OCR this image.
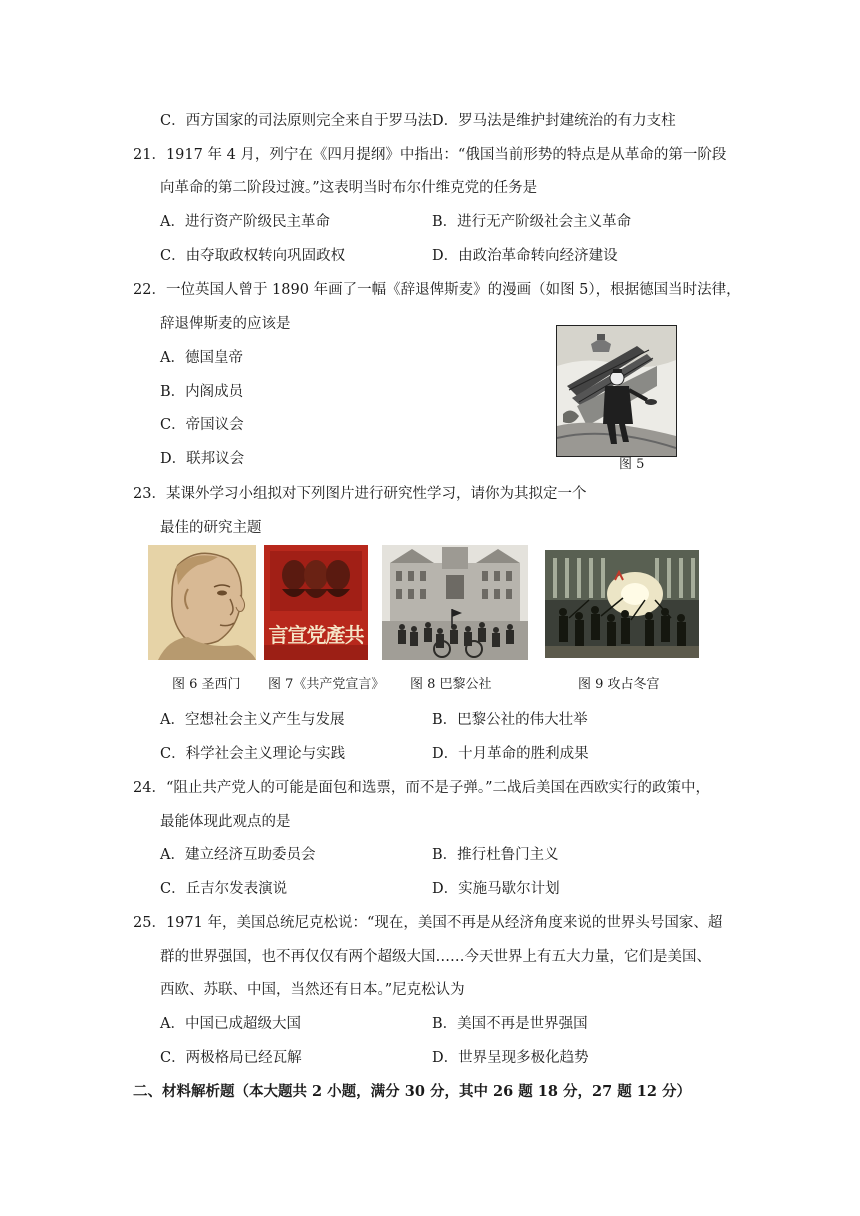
C．西方国家的司法原则完全来自于罗马法 D．罗马法是维护封建统治的有力支柱
21．1917 年 4 月，列宁在《四月提纲》中指出：“俄国当前形势的特点是从革命的第一阶段
向革命的第二阶段过渡。”这表明当时布尔什维克党的任务是
A．进行资产阶级民主革命	B．进行无产阶级社会主义革命
C．由夺取政权转向巩固政权	D．由政治革命转向经济建设
22．一位英国人曾于 1890 年画了一幅《辞退俾斯麦》的漫画（如图 5），根据德国当时法律，
辞退俾斯麦的应该是
A．德国皇帝
B．内阁成员
C．帝国议会
D．联邦议会	图 5
23．某课外学习小组拟对下列图片进行研究性学习，请你为其拟定一个
最佳的研究主题
言宣党產共
图 6 圣西门 图 7《共产党宣言》 图 8 巴黎公社	图 9 攻占冬宫
A．空想社会主义产生与发展	B．巴黎公社的伟大壮举
C．科学社会主义理论与实践	D．十月革命的胜利成果
24．“阻止共产党人的可能是面包和选票，而不是子弹。”二战后美国在西欧实行的政策中，
最能体现此观点的是
A．建立经济互助委员会	B．推行杜鲁门主义
C．丘吉尔发表演说	D．实施马歇尔计划
25．1971 年，美国总统尼克松说：“现在，美国不再是从经济角度来说的世界头号国家、超
群的世界强国，也不再仅仅有两个超级大国……今天世界上有五大力量，它们是美国、
西欧、苏联、中国，当然还有日本。”尼克松认为
A．中国已成超级大国	B．美国不再是世界强国
C．两极格局已经瓦解	D．世界呈现多极化趋势
二、材料解析题（本大题共 2 小题，满分 30 分，其中 26 题 18 分，27 题 12 分）
